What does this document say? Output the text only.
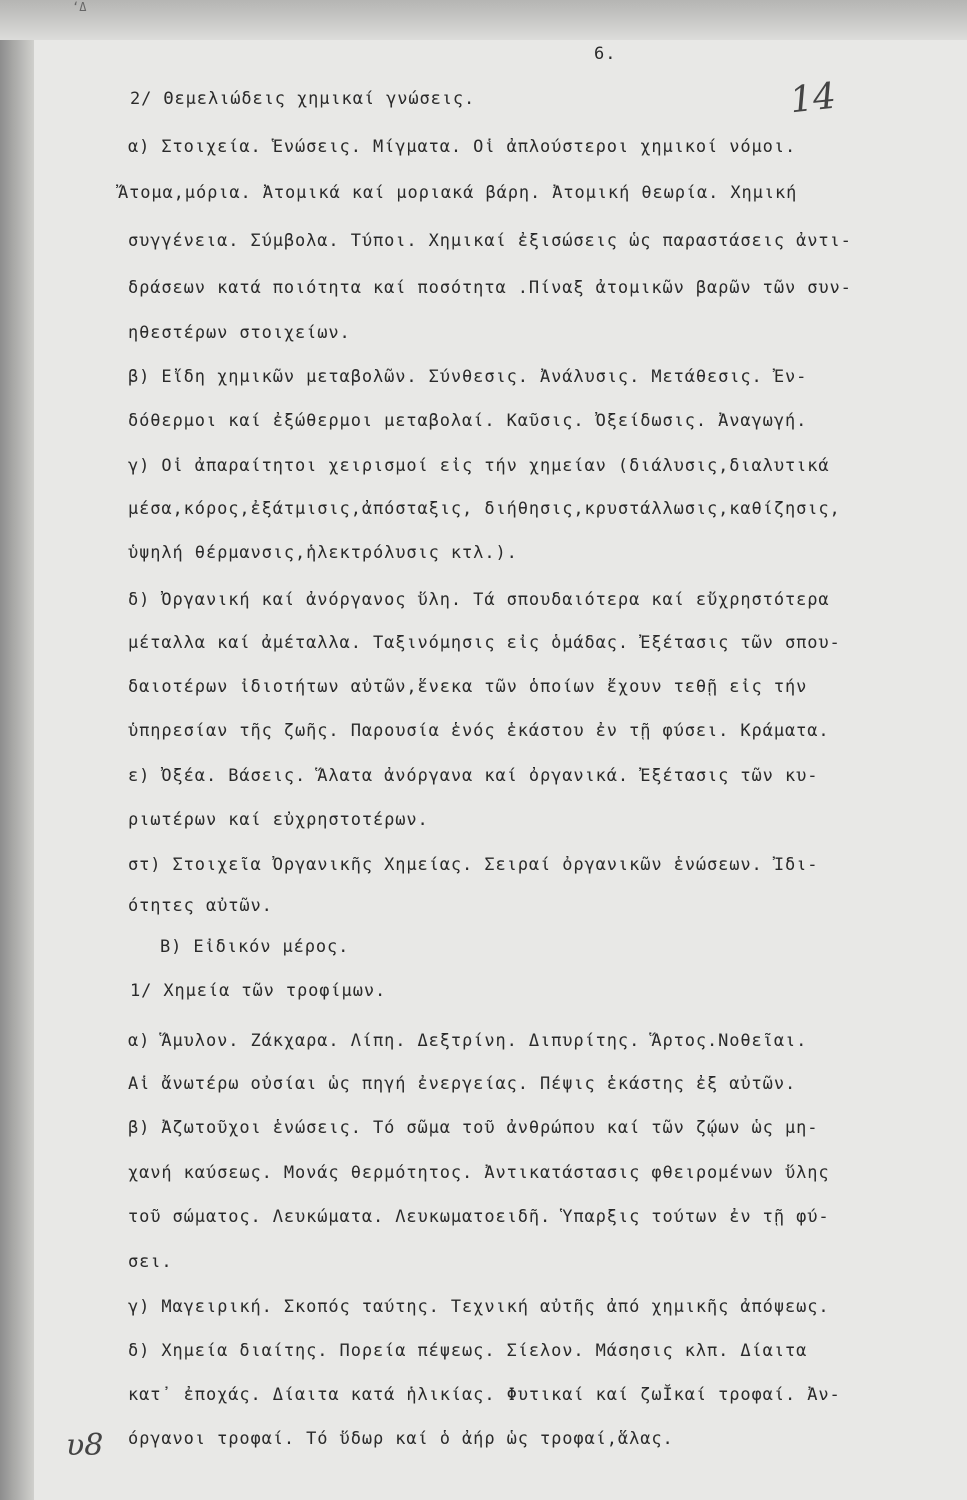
‘Δ
6.
14
2/ Θεμελιώδεις χημικαί γνώσεις.
α) Στοιχεία. Ἑνώσεις. Μίγματα. Οἱ ἀπλούστεροι χημικοί νόμοι.
Ἄτομα,μόρια. Ἀτομικά καί μοριακά βάρη. Ἀτομική θεωρία. Χημική
συγγένεια. Σύμβολα. Τύποι. Χημικαί ἐξισώσεις ὡς παραστάσεις ἀντι-
δράσεων κατά ποιότητα καί ποσότητα .Πίναξ ἀτομικῶν βαρῶν τῶν συν-
ηθεστέρων στοιχείων.
β) Εἴδη χημικῶν μεταβολῶν. Σύνθεσις. Ἀνάλυσις. Μετάθεσις. Ἐν-
δόθερμοι καί ἐξώθερμοι μεταβολαί. Καῦσις. Ὀξείδωσις. Ἀναγωγή.
γ) Οἱ ἀπαραίτητοι χειρισμοί εἰς τήν χημείαν (διάλυσις,διαλυτικά
μέσα,κόρος,ἐξάτμισις,ἀπόσταξις, διήθησις,κρυστάλλωσις,καθίζησις,
ὑψηλή θέρμανσις,ἡλεκτρόλυσις κτλ.).
δ) Ὀργανική καί ἀνόργανος ὕλη. Τά σπουδαιότερα καί εὔχρηστότερα
μέταλλα καί ἀμέταλλα. Ταξινόμησις εἰς ὁμάδας. Ἐξέτασις τῶν σπου-
δαιοτέρων ἰδιοτήτων αὐτῶν,ἕνεκα τῶν ὁποίων ἔχουν τεθῇ εἰς τήν
ὑπηρεσίαν τῆς ζωῆς. Παρουσία ἑνός ἑκάστου ἐν τῇ φύσει. Κράματα.
ε) Ὀξέα. Βάσεις. Ἅλατα ἀνόργανα καί ὀργανικά. Ἐξέτασις τῶν κυ-
ριωτέρων καί εὐχρηστοτέρων.
στ) Στοιχεῖα Ὀργανικῆς Χημείας. Σειραί ὀργανικῶν ἑνώσεων. Ἰδι-
ότητες αὐτῶν.
Β) Εἰδικόν μέρος.
1/ Χημεία τῶν τροφίμων.
α) Ἅμυλον. Ζάκχαρα. Λίπη. Δεξτρίνη. Διπυρίτης. Ἅρτος.Νοθεῖαι.
Αἱ ἄνωτέρω οὐσίαι ὡς πηγή ἐνεργείας. Πέψις ἑκάστης ἐξ αὐτῶν.
β) Ἀζωτοῦχοι ἑνώσεις. Τό σῶμα τοῦ ἀνθρώπου καί τῶν ζῴων ὡς μη-
χανή καύσεως. Μονάς θερμότητος. Ἀντικατάστασις φθειρομένων ὕλης
τοῦ σώματος. Λευκώματα. Λευκωματοειδῆ. Ὑπαρξις τούτων ἐν τῇ φύ-
σει.
γ) Μαγειρική. Σκοπός ταύτης. Τεχνική αὐτῆς ἀπό χημικῆς ἀπόψεως.
δ) Χημεία διαίτης. Πορεία πέψεως. Σίελον. Μάσησις κλπ. Δίαιτα
κατ᾽ ἐποχάς. Δίαιτα κατά ἡλικίας. Φυτικαί καί ζωῘκαί τροφαί. Ἀν-
όργανοι τροφαί. Τό ὕδωρ καί ὁ ἀήρ ὡς τροφαί,ἅλας.
υ8
